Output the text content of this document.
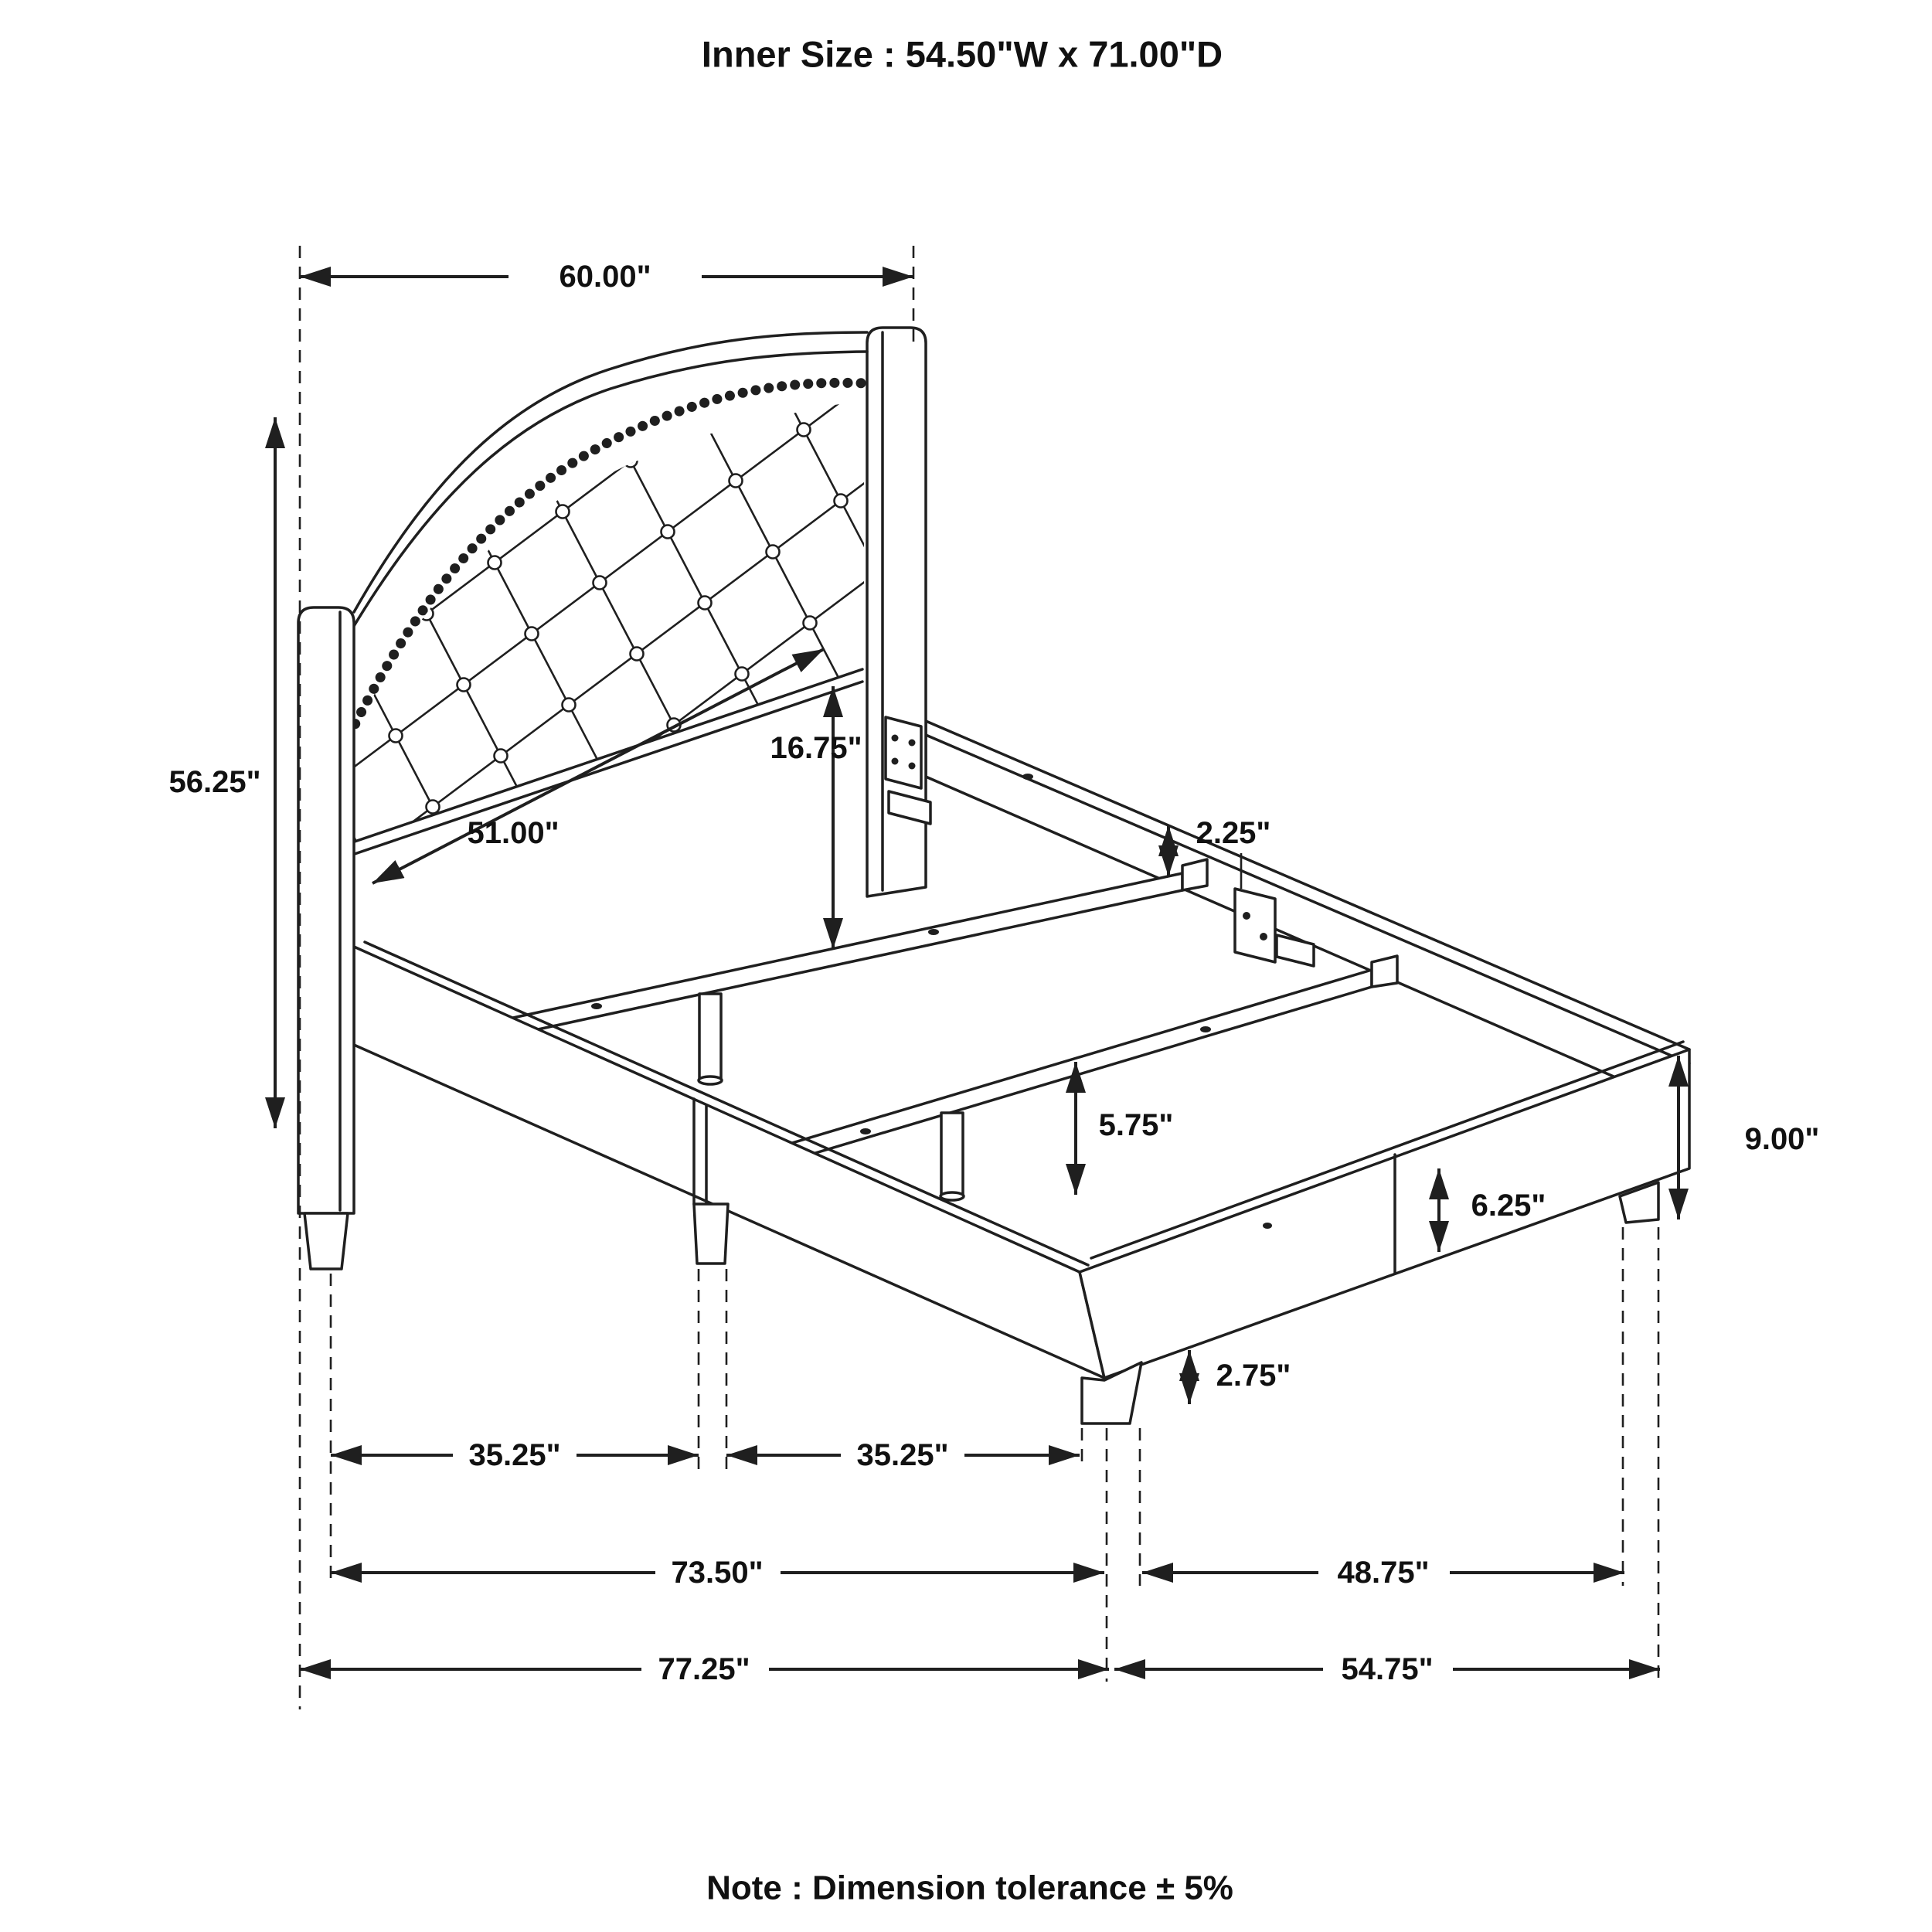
Inner Size : 54.50"W x 71.00"D
60.00"
56.25"
51.00"
16.75"
2.25"
5.75"	9.00"
6.25"
2.75"
35.25"	35.25"
73.50"	48.75"
77.25"	54.75"
Note : Dimension tolerance ± 5%
